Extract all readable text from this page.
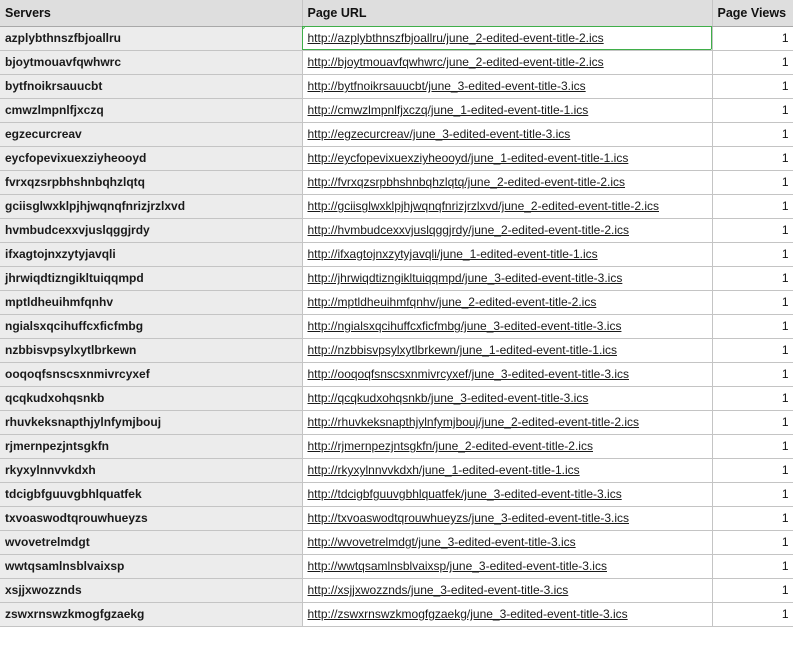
Servers	Page URL	Page Views
azplybthnszfbjoallru	http://azplybthnszfbjoallru/june_2-edited-event-title-2.ics	1
bjoytmouavfqwhwrc	http://bjoytmouavfqwhwrc/june_2-edited-event-title-2.ics	1
bytfnoikrsauucbt	http://bytfnoikrsauucbt/june_3-edited-event-title-3.ics	1
cmwzlmpnlfjxczq	http://cmwzlmpnlfjxczq/june_1-edited-event-title-1.ics	1
egzecurcreav	http://egzecurcreav/june_3-edited-event-title-3.ics	1
eycfopevixuexziyheooyd	http://eycfopevixuexziyheooyd/june_1-edited-event-title-1.ics	1
fvrxqzsrpbhshnbqhzlqtq	http://fvrxqzsrpbhshnbqhzlqtq/june_2-edited-event-title-2.ics	1
gciisglwxklpjhjwqnqfnrizjrzlxvd	http://gciisglwxklpjhjwqnqfnrizjrzlxvd/june_2-edited-event-title-2.ics	1
hvmbudcexxvjuslqggjrdy	http://hvmbudcexxvjuslqggjrdy/june_2-edited-event-title-2.ics	1
ifxagtojnxzytyjavqli	http://ifxagtojnxzytyjavqli/june_1-edited-event-title-1.ics	1
jhrwiqdtizngikltuiqqmpd	http://jhrwiqdtizngikltuiqqmpd/june_3-edited-event-title-3.ics	1
mptldheuihmfqnhv	http://mptldheuihmfqnhv/june_2-edited-event-title-2.ics	1
ngialsxqcihuffcxficfmbg	http://ngialsxqcihuffcxficfmbg/june_3-edited-event-title-3.ics	1
nzbbisvpsylxytlbrkewn	http://nzbbisvpsylxytlbrkewn/june_1-edited-event-title-1.ics	1
ooqoqfsnscsxnmivrcyxef	http://ooqoqfsnscsxnmivrcyxef/june_3-edited-event-title-3.ics	1
qcqkudxohqsnkb	http://qcqkudxohqsnkb/june_3-edited-event-title-3.ics	1
rhuvkeksnapthjylnfymjbouj	http://rhuvkeksnapthjylnfymjbouj/june_2-edited-event-title-2.ics	1
rjmernpezjntsgkfn	http://rjmernpezjntsgkfn/june_2-edited-event-title-2.ics	1
rkyxylnnvvkdxh	http://rkyxylnnvvkdxh/june_1-edited-event-title-1.ics	1
tdcigbfguuvgbhlquatfek	http://tdcigbfguuvgbhlquatfek/june_3-edited-event-title-3.ics	1
txvoaswodtqrouwhueyzs	http://txvoaswodtqrouwhueyzs/june_3-edited-event-title-3.ics	1
wvovetrelmdgt	http://wvovetrelmdgt/june_3-edited-event-title-3.ics	1
wwtqsamlnsblvaixsp	http://wwtqsamlnsblvaixsp/june_3-edited-event-title-3.ics	1
xsjjxwozznds	http://xsjjxwozznds/june_3-edited-event-title-3.ics	1
zswxrnswzkmogfgzaekg	http://zswxrnswzkmogfgzaekg/june_3-edited-event-title-3.ics	1
